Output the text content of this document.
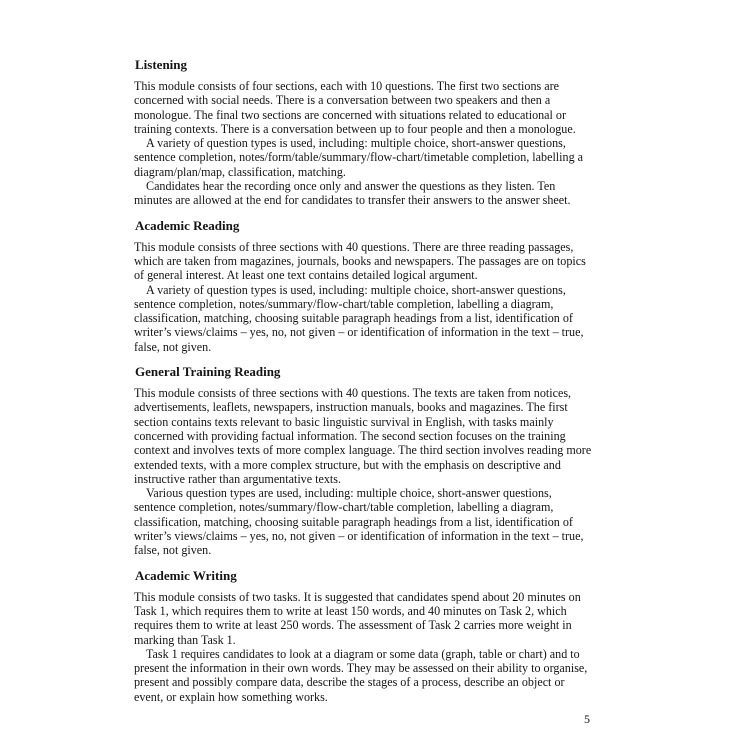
Listening

This module consists of four sections, each with 10 questions. The first two sections are concerned with social needs. There is a conversation between two speakers and then a monologue. The final two sections are concerned with situations related to educational or training contexts. There is a conversation between up to four people and then a monologue.

A variety of question types is used, including: multiple choice, short-answer questions, sentence completion, notes/form/table/summary/flow-chart/timetable completion, labelling a diagram/plan/map, classification, matching.

Candidates hear the recording once only and answer the questions as they listen. Ten minutes are allowed at the end for candidates to transfer their answers to the answer sheet.

Academic Reading

This module consists of three sections with 40 questions. There are three reading passages, which are taken from magazines, journals, books and newspapers. The passages are on topics of general interest. At least one text contains detailed logical argument.

A variety of question types is used, including: multiple choice, short-answer questions, sentence completion, notes/summary/flow-chart/table completion, labelling a diagram, classification, matching, choosing suitable paragraph headings from a list, identification of writer’s views/claims – yes, no, not given – or identification of information in the text – true, false, not given.

General Training Reading

This module consists of three sections with 40 questions. The texts are taken from notices, advertisements, leaflets, newspapers, instruction manuals, books and magazines. The first section contains texts relevant to basic linguistic survival in English, with tasks mainly concerned with providing factual information. The second section focuses on the training context and involves texts of more complex language. The third section involves reading more extended texts, with a more complex structure, but with the emphasis on descriptive and instructive rather than argumentative texts.

Various question types are used, including: multiple choice, short-answer questions, sentence completion, notes/summary/flow-chart/table completion, labelling a diagram, classification, matching, choosing suitable paragraph headings from a list, identification of writer’s views/claims – yes, no, not given – or identification of information in the text – true, false, not given.

Academic Writing

This module consists of two tasks. It is suggested that candidates spend about 20 minutes on Task 1, which requires them to write at least 150 words, and 40 minutes on Task 2, which requires them to write at least 250 words. The assessment of Task 2 carries more weight in marking than Task 1.

Task 1 requires candidates to look at a diagram or some data (graph, table or chart) and to present the information in their own words. They may be assessed on their ability to organise, present and possibly compare data, describe the stages of a process, describe an object or event, or explain how something works.

5
